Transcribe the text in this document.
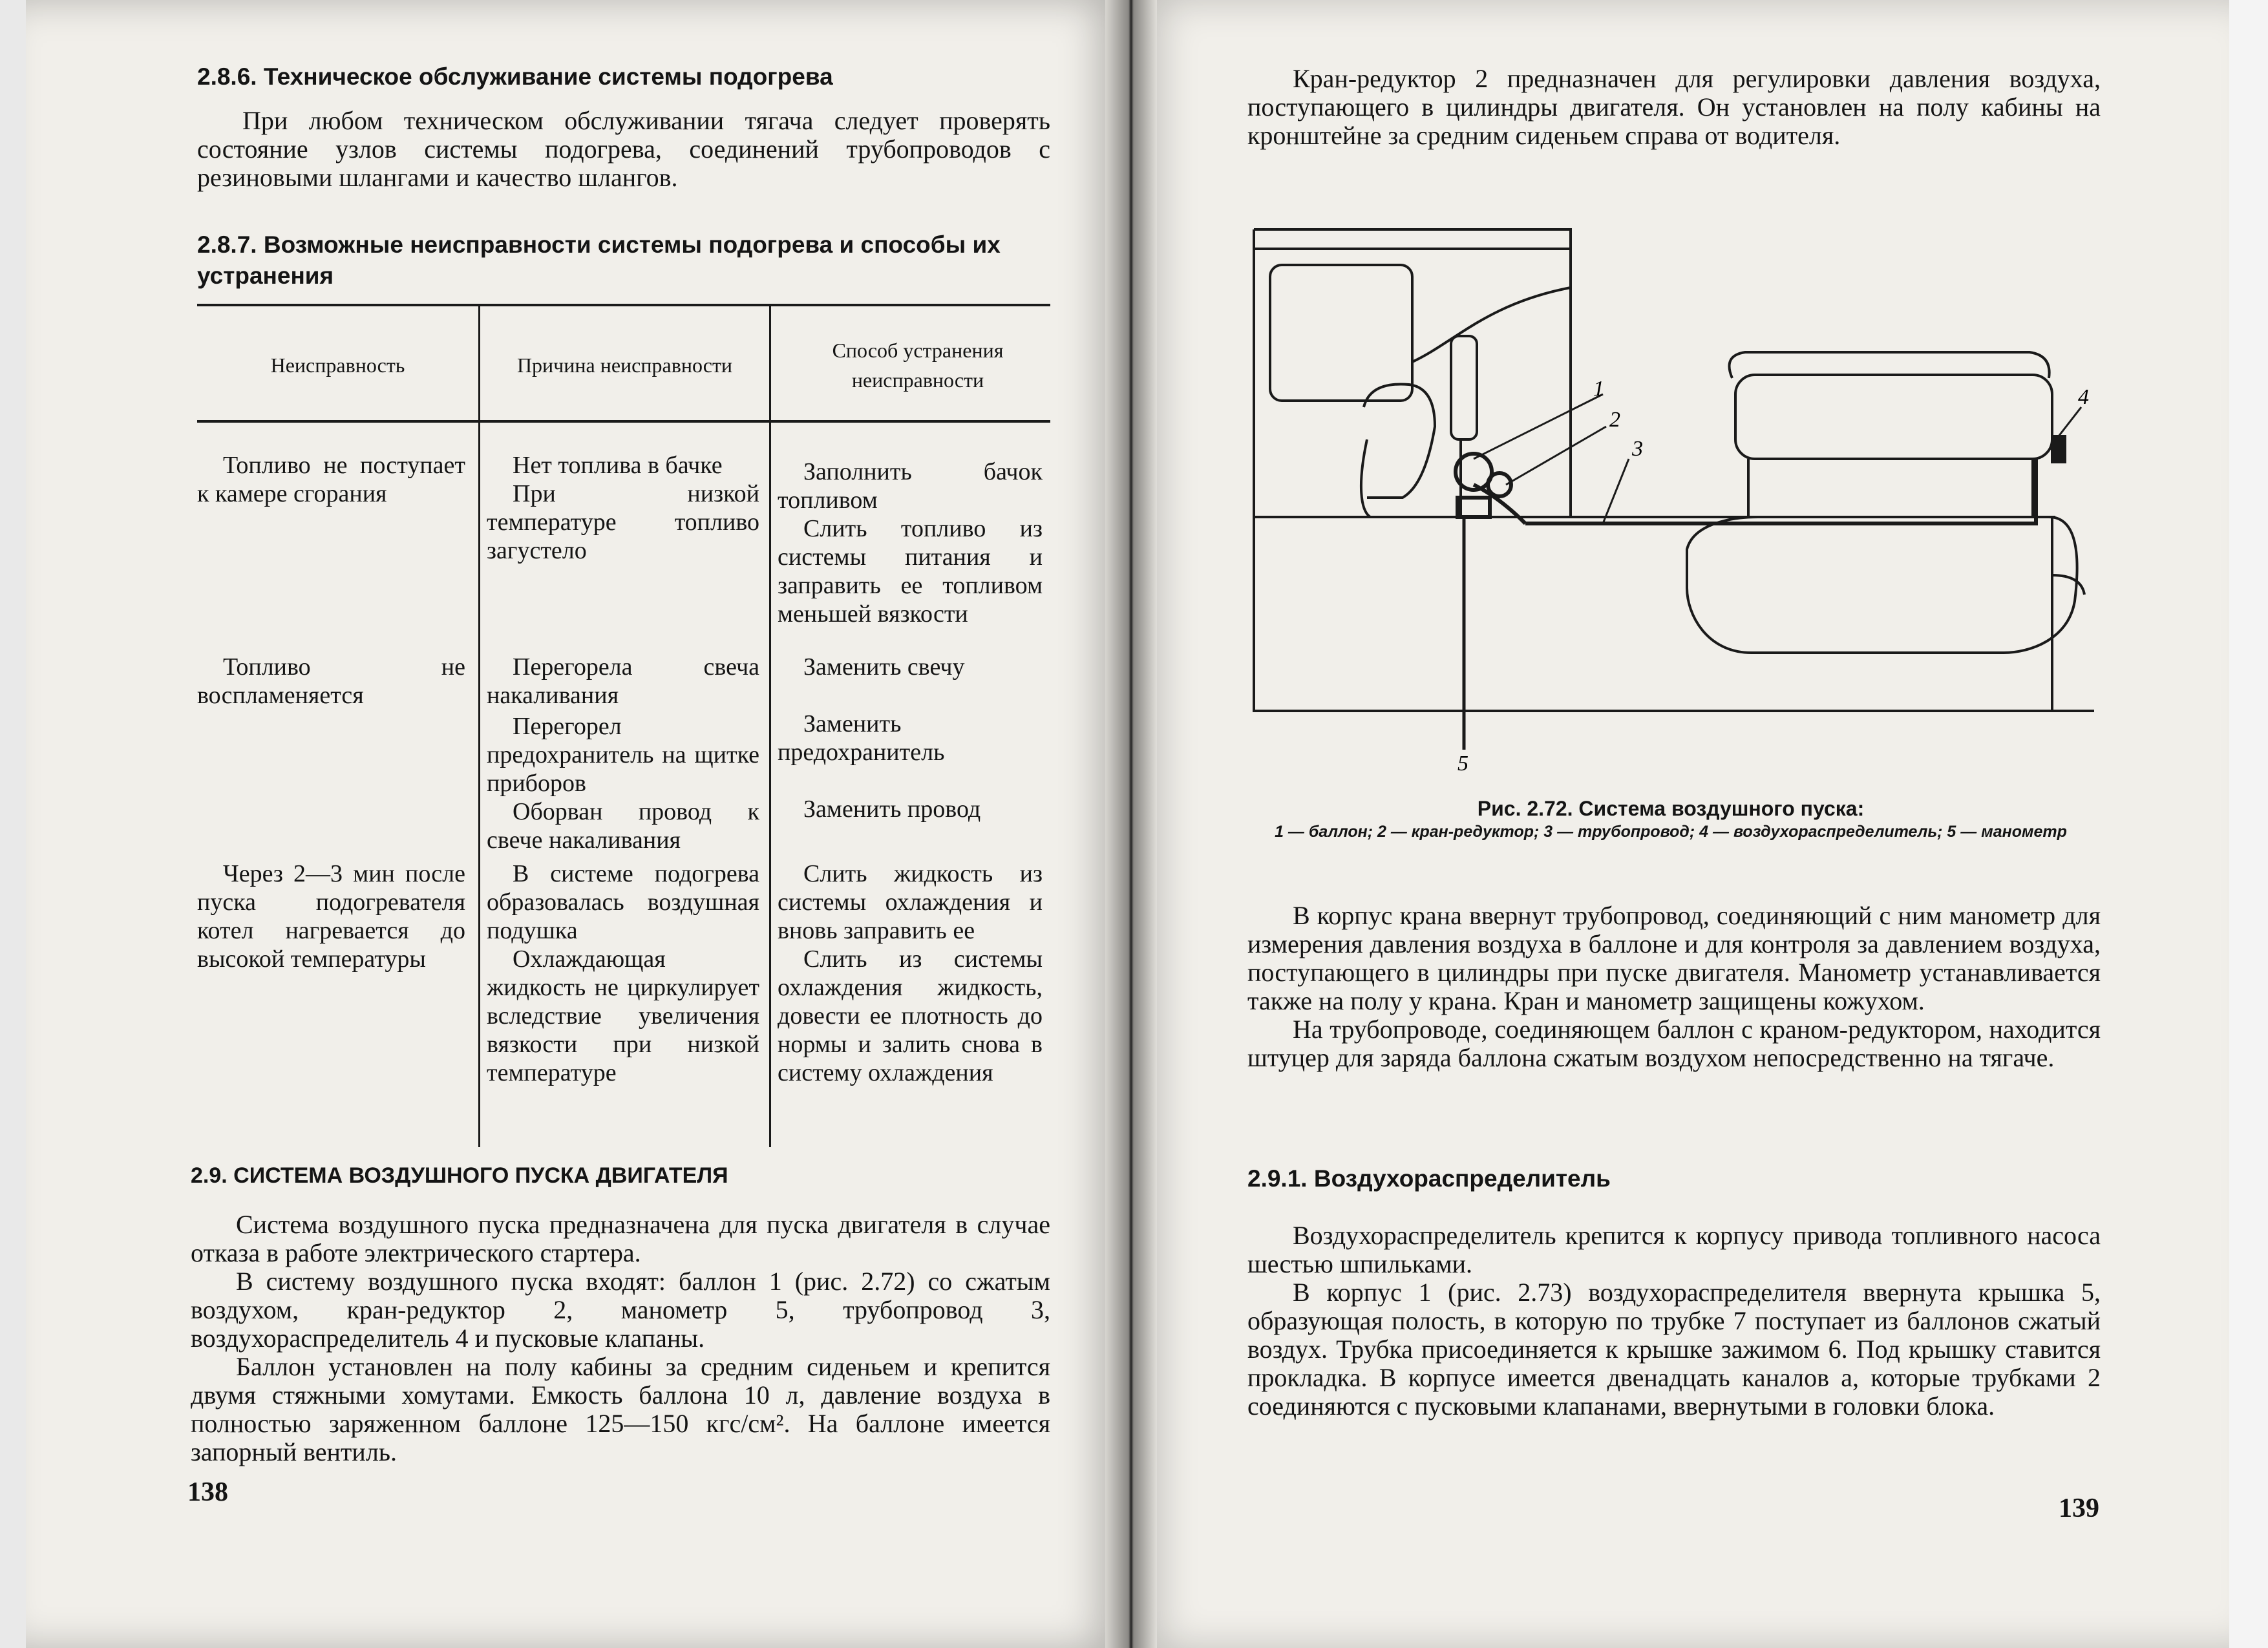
2.8.6. Техническое обслуживание системы подогрева

При любом техническом обслуживании тягача следует проверять состояние узлов системы подогрева, соединений трубопроводов с резиновыми шлангами и качество шлангов.

2.8.7. Возможные неисправности системы подогрева и способы их устранения
Неисправность	Причина неисправности
Способ устранения неисправности
Топливо не поступает к камере сгорания
Топливо не воспламеняется
Через 2—3 мин после пуска подогревателя котел нагревается до высокой температуры
Нет топлива в бачке
При низкой температуре топливо загустело
Перегорела свеча накаливания
Перегорел предохранитель на щитке приборов
Оборван провод к свече накаливания
В системе подогрева образовалась воздушная подушка
Охлаждающая жидкость не циркулирует вследствие увеличения вязкости при низкой температуре
Заполнить бачок топливом
Слить топливо из системы питания и заправить ее топливом меньшей вязкости
Заменить свечу
Заменить предохранитель
Заменить провод
Слить жидкость из системы охлаждения и вновь заправить ее
Слить из системы охлаждения жидкость, довести ее плотность до нормы и залить снова в систему охлаждения
2.9. СИСТЕМА ВОЗДУШНОГО ПУСКА ДВИГАТЕЛЯ

Система воздушного пуска предназначена для пуска двигателя в случае отказа в работе электрического стартера.

В систему воздушного пуска входят: баллон 1 (рис. 2.72) со сжатым воздухом, кран-редуктор 2, манометр 5, трубопровод 3, воздухораспределитель 4 и пусковые клапаны.

Баллон установлен на полу кабины за средним сиденьем и крепится двумя стяжными хомутами. Емкость баллона 10 л, давление воздуха в полностью заряженном баллоне 125—150 кгс/см². На баллоне имеется запорный вентиль.

138

Кран-редуктор 2 предназначен для регулировки давления воздуха, поступающего в цилиндры двигателя. Он установлен на полу кабины на кронштейне за средним сиденьем справа от водителя.

1
2
3
4
5
Рис. 2.72. Система воздушного пуска:
1 — баллон; 2 — кран-редуктор; 3 — трубопровод; 4 — воздухораспределитель; 5 — манометр

В корпус крана ввернут трубопровод, соединяющий с ним манометр для измерения давления воздуха в баллоне и для контроля за давлением воздуха, поступающего в цилиндры при пуске двигателя. Манометр устанавливается также на полу у крана. Кран и манометр защищены кожухом.

На трубопроводе, соединяющем баллон с краном-редуктором, находится штуцер для заряда баллона сжатым воздухом непосредственно на тягаче.

2.9.1. Воздухораспределитель

Воздухораспределитель крепится к корпусу привода топливного насоса шестью шпильками.

В корпус 1 (рис. 2.73) воздухораспределителя ввернута крышка 5, образующая полость, в которую по трубке 7 поступает из баллонов сжатый воздух. Трубка присоединяется к крышке зажимом 6. Под крышку ставится прокладка. В корпусе имеется двенадцать каналов а, которые трубками 2 соединяются с пусковыми клапанами, ввернутыми в головки блока.

139
